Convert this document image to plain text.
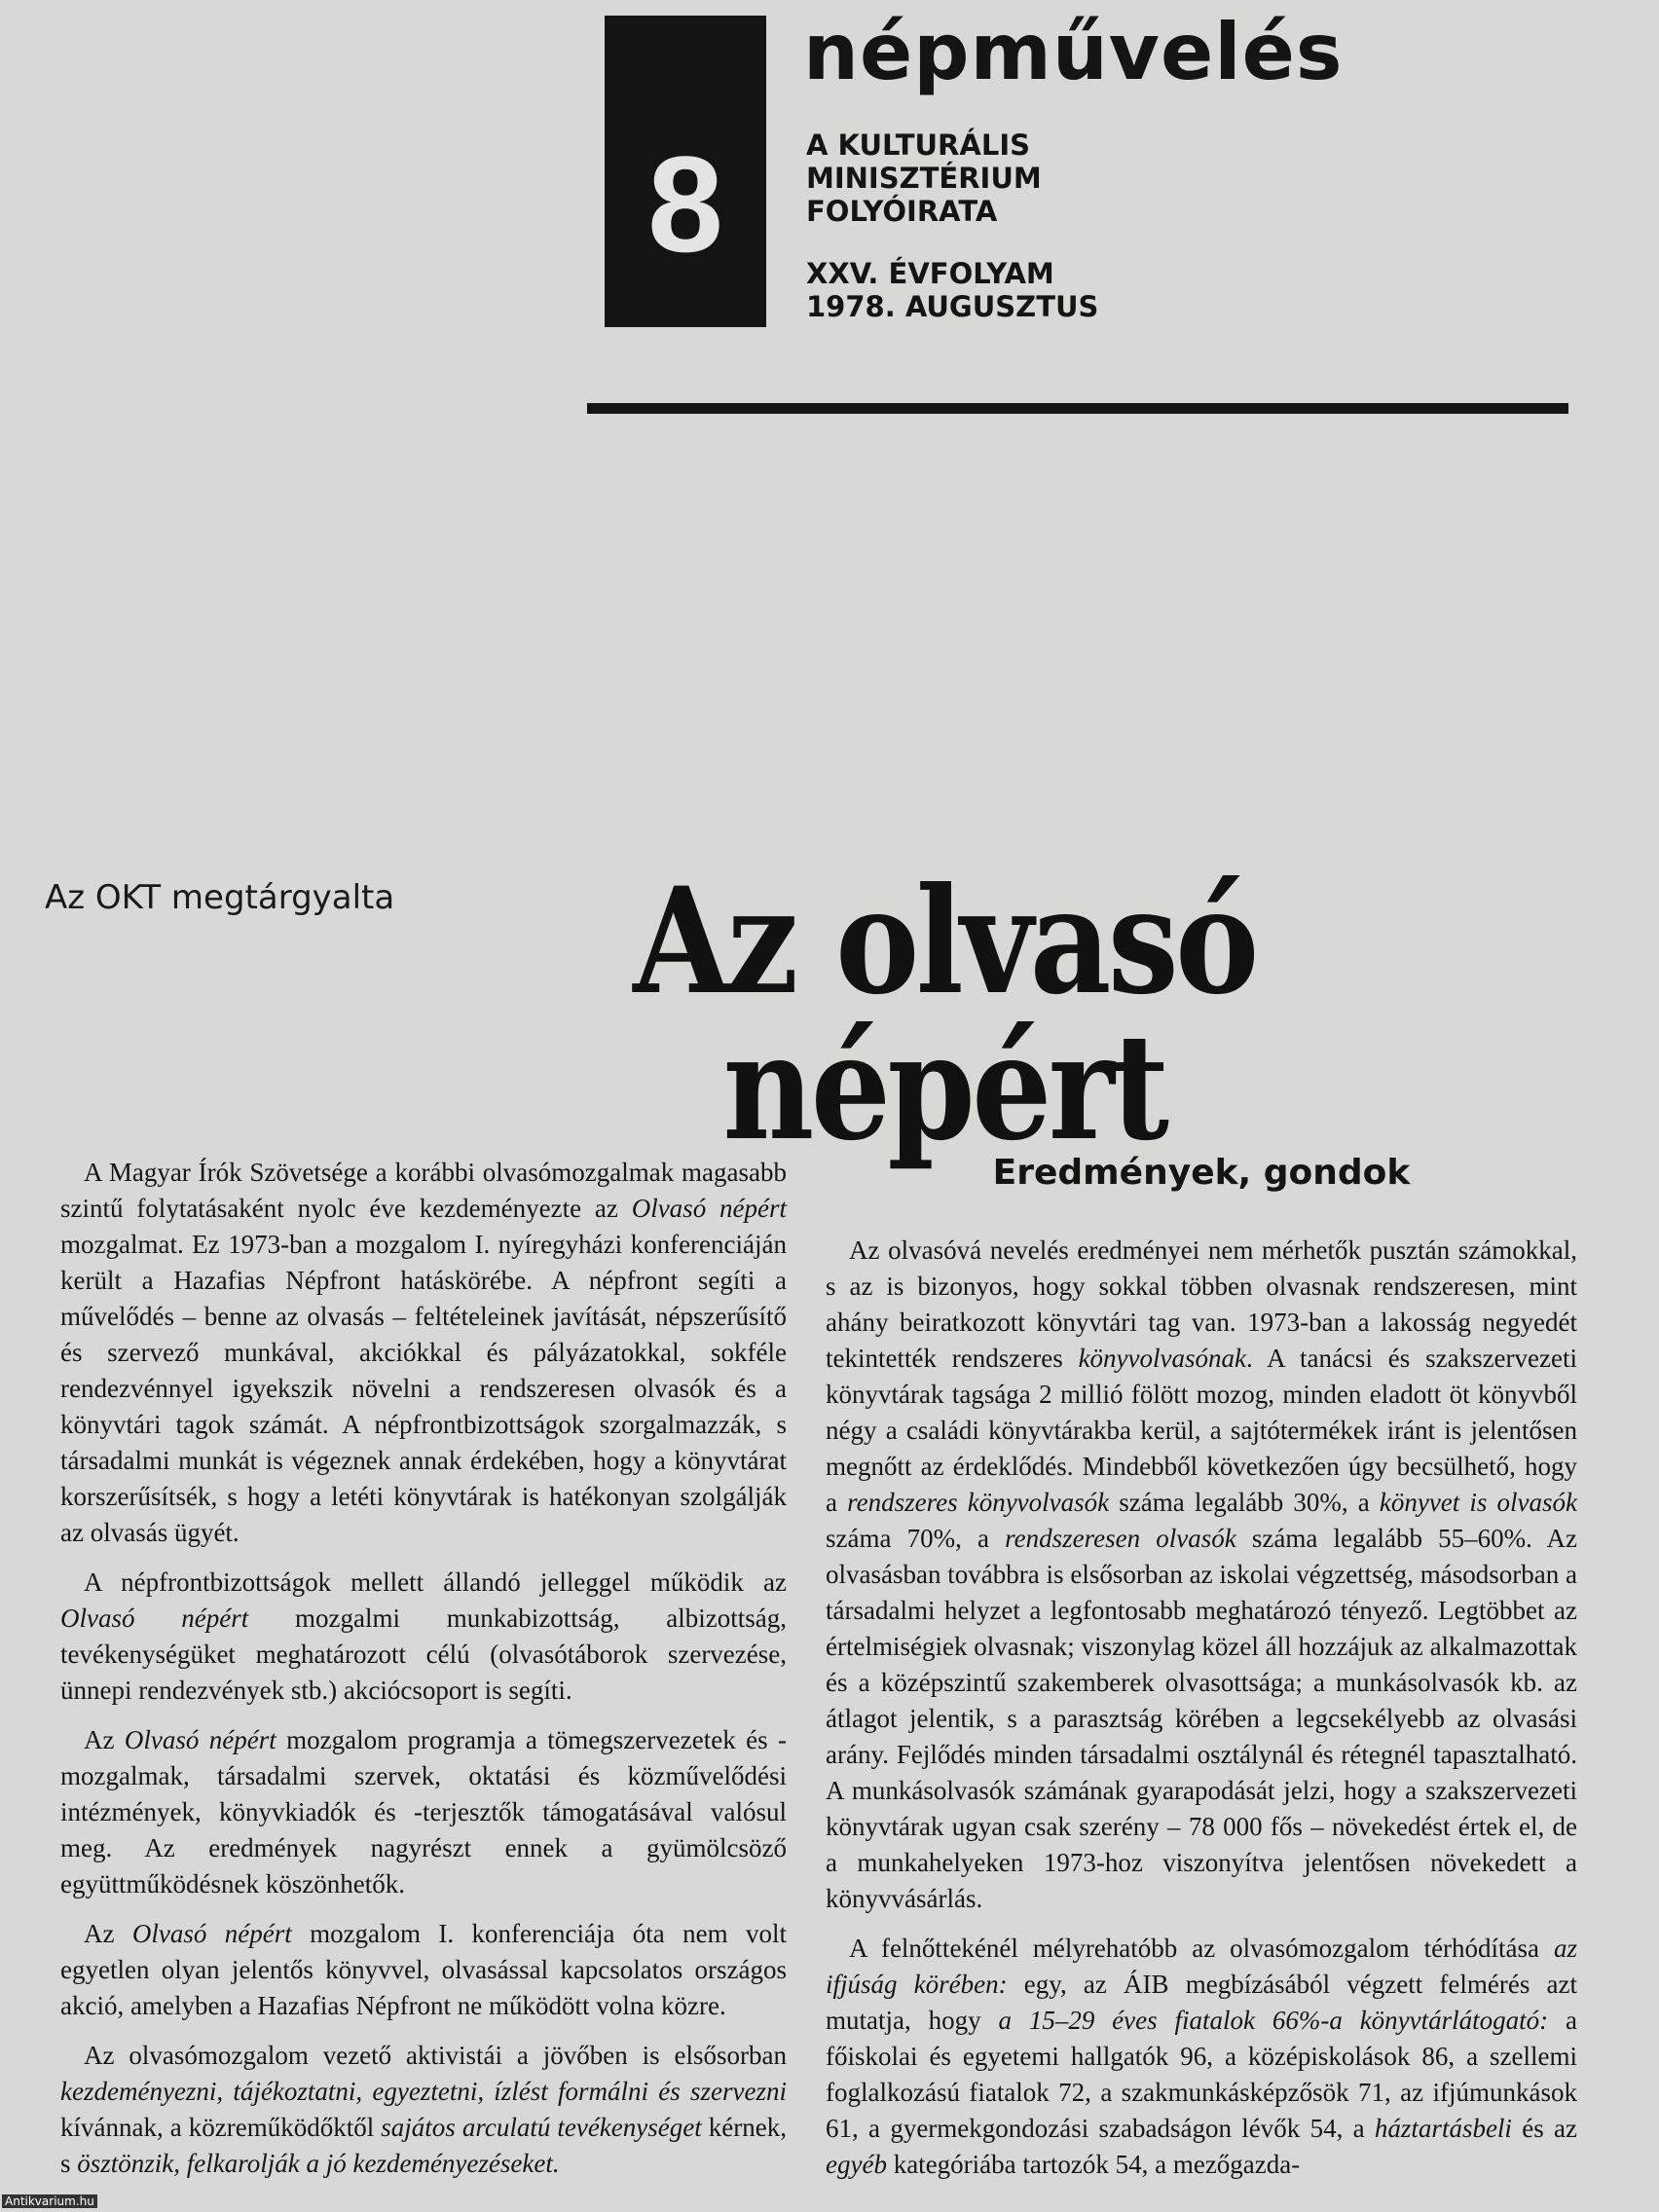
8
népművelés
A KULTURÁLIS
MINISZTÉRIUM
FOLYÓIRATA
XXV. ÉVFOLYAM
1978. AUGUSZTUS
Az OKT megtárgyalta	Az olvasó népért

A Magyar Írók Szövetsége a korábbi olvasómozgalmak magasabb szintű folytatásaként nyolc éve kezdeményezte az Olvasó népért mozgalmat. Ez 1973-ban a mozgalom I. nyíregyházi konferenciáján került a Hazafias Népfront hatáskörébe. A népfront segíti a művelődés – benne az olvasás – feltételeinek javítását, népszerűsítő és szervező munkával, akciókkal és pályázatokkal, sokféle rendezvénnyel igyekszik növelni a rendszeresen olvasók és a könyvtári tagok számát. A népfrontbizottságok szorgalmazzák, s társadalmi munkát is végeznek annak érdekében, hogy a könyvtárat korszerűsítsék, s hogy a letéti könyvtárak is hatékonyan szolgálják az olvasás ügyét.

A népfrontbizottságok mellett állandó jelleggel működik az Olvasó népért mozgalmi munkabizottság, albizottság, tevékenységüket meghatározott célú (olvasótáborok szervezése, ünnepi rendezvények stb.) akciócsoport is segíti.

Az Olvasó népért mozgalom programja a tömegszervezetek és -mozgalmak, társadalmi szervek, oktatási és közművelődési intézmények, könyvkiadók és -terjesztők támogatásával valósul meg. Az eredmények nagyrészt ennek a gyümölcsöző együttműködésnek köszönhetők.

Az Olvasó népért mozgalom I. konferenciája óta nem volt egyetlen olyan jelentős könyvvel, olvasással kapcsolatos országos akció, amelyben a Hazafias Népfront ne működött volna közre.

Az olvasómozgalom vezető aktivistái a jövőben is elsősorban kezdeményezni, tájékoztatni, egyeztetni, ízlést formálni és szervezni kívánnak, a közreműködőktől sajátos arculatú tevékenységet kérnek, s ösztönzik, felkarolják a jó kezdeményezéseket.

Eredmények, gondok

Az olvasóvá nevelés eredményei nem mérhetők pusztán számokkal, s az is bizonyos, hogy sokkal többen olvasnak rendszeresen, mint ahány beiratkozott könyvtári tag van. 1973-ban a lakosság negyedét tekintették rendszeres könyvolvasónak. A tanácsi és szakszervezeti könyvtárak tagsága 2 millió fölött mozog, minden eladott öt könyvből négy a családi könyvtárakba kerül, a sajtótermékek iránt is jelentősen megnőtt az érdeklődés. Mindebből következően úgy becsülhető, hogy a rendszeres könyvolvasók száma legalább 30%, a könyvet is olvasók száma 70%, a rendszeresen olvasók száma legalább 55–60%. Az olvasásban továbbra is elsősorban az iskolai végzettség, másodsorban a társadalmi helyzet a legfontosabb meghatározó tényező. Legtöbbet az értelmiségiek olvasnak; viszonylag közel áll hozzájuk az alkalmazottak és a középszintű szakemberek olvasottsága; a munkásolvasók kb. az átlagot jelentik, s a parasztság körében a legcsekélyebb az olvasási arány. Fejlődés minden társadalmi osztálynál és rétegnél tapasztalható. A munkásolvasók számának gyarapodását jelzi, hogy a szakszervezeti könyvtárak ugyan csak szerény – 78 000 fős – növekedést értek el, de a munkahelyeken 1973-hoz viszonyítva jelentősen növekedett a könyvvásárlás.

A felnőttekénél mélyrehatóbb az olvasómozgalom térhódítása az ifjúság körében: egy, az ÁIB megbízásából végzett felmérés azt mutatja, hogy a 15–29 éves fiatalok 66%-a könyvtárlátogató: a főiskolai és egyetemi hallgatók 96, a középiskolások 86, a szellemi foglalkozású fiatalok 72, a szakmunkásképzősök 71, az ifjúmunkások 61, a gyermekgondozási szabadságon lévők 54, a háztartásbeli és az egyéb kategóriába tartozók 54, a mezőgazda-

Antikvarium.hu
